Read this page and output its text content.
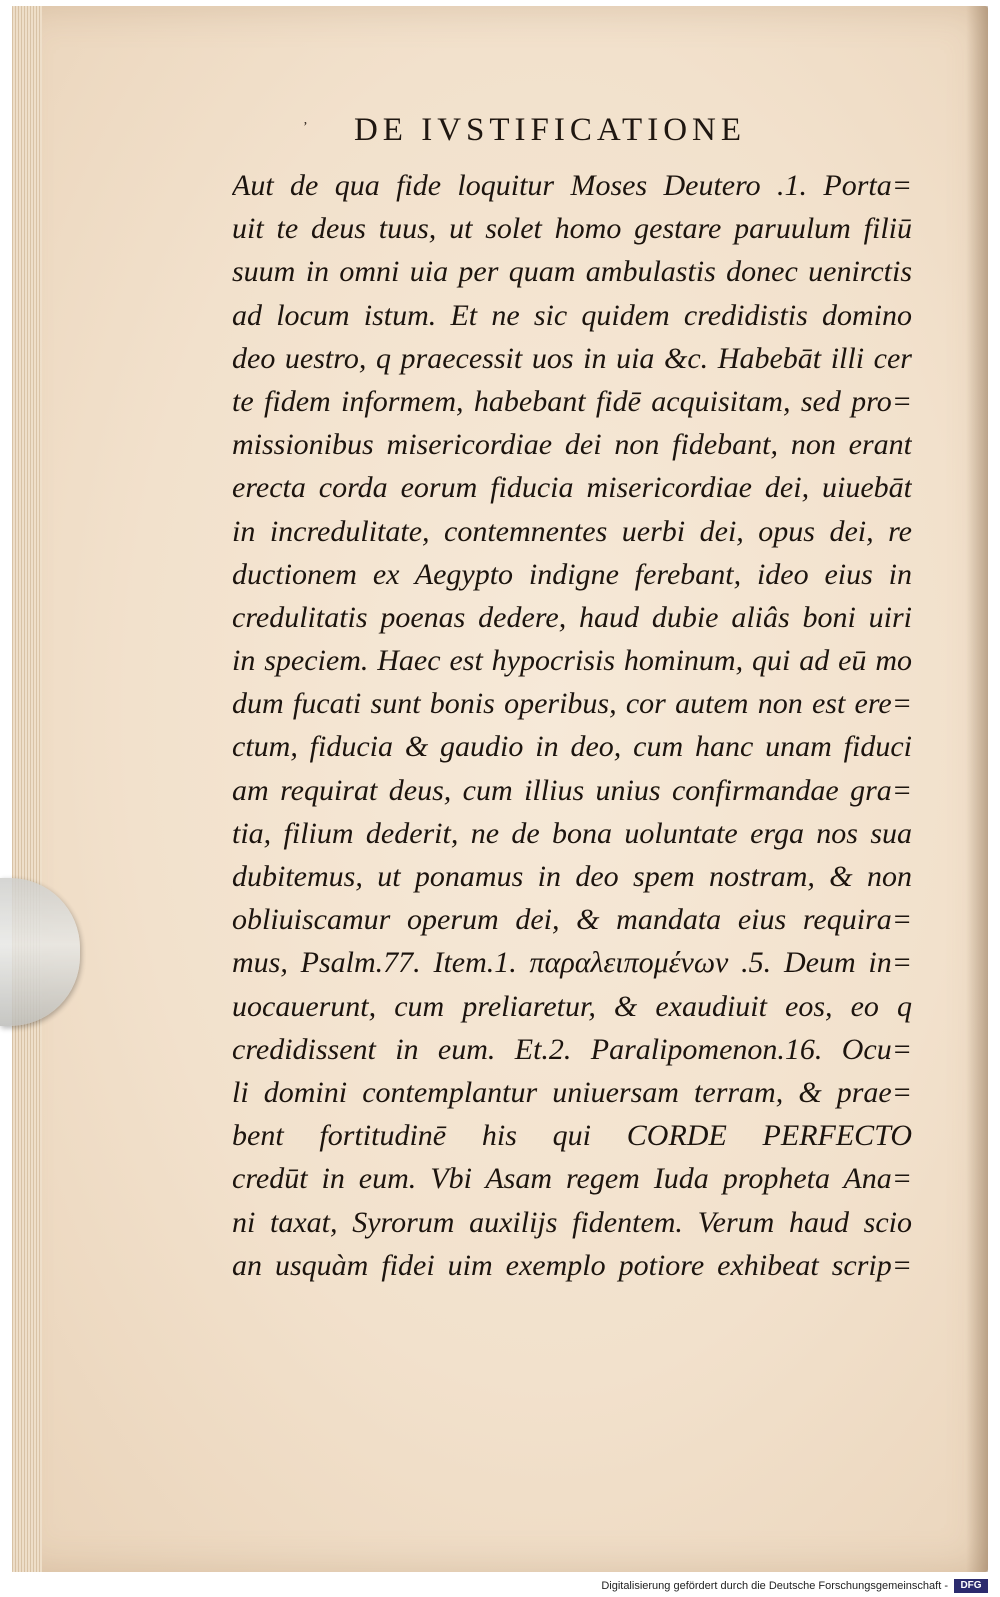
’	DE IVSTIFICATIONE
Aut de qua fide loquitur Moses Deutero .1. Porta=
uit te deus tuus, ut solet homo gestare paruulum filiū
suum in omni uia per quam ambulastis donec uenirctis
ad locum istum. Et ne sic quidem credidistis domino
deo uestro, q praecessit uos in uia &c. Habebāt illi cer
te fidem informem, habebant fidē acquisitam, sed pro=
missionibus misericordiae dei non fidebant, non erant
erecta corda eorum fiducia misericordiae dei, uiuebāt
in incredulitate, contemnentes uerbi dei, opus dei, re
ductionem ex Aegypto indigne ferebant, ideo eius in
credulitatis poenas dedere, haud dubie aliâs boni uiri
in speciem. Haec est hypocrisis hominum, qui ad eū mo
dum fucati sunt bonis operibus, cor autem non est ere=
ctum, fiducia & gaudio in deo, cum hanc unam fiduci
am requirat deus, cum illius unius confirmandae gra=
tia, filium dederit, ne de bona uoluntate erga nos sua
dubitemus, ut ponamus in deo spem nostram, & non
obliuiscamur operum dei, & mandata eius requira=
mus, Psalm.77. Item.1. παραλειπομένων .5. Deum in=
uocauerunt, cum preliaretur, & exaudiuit eos, eo q
credidissent in eum. Et.2. Paralipomenon.16. Ocu=
li domini contemplantur uniuersam terram, & prae=
bent fortitudinē his qui CORDE PERFECTO
credūt in eum. Vbi Asam regem Iuda propheta Ana=
ni taxat, Syrorum auxilijs fidentem. Verum haud scio
an usquàm fidei uim exemplo potiore exhibeat scrip=
Digitalisierung gefördert durch die Deutsche Forschungsgemeinschaft -	DFG
